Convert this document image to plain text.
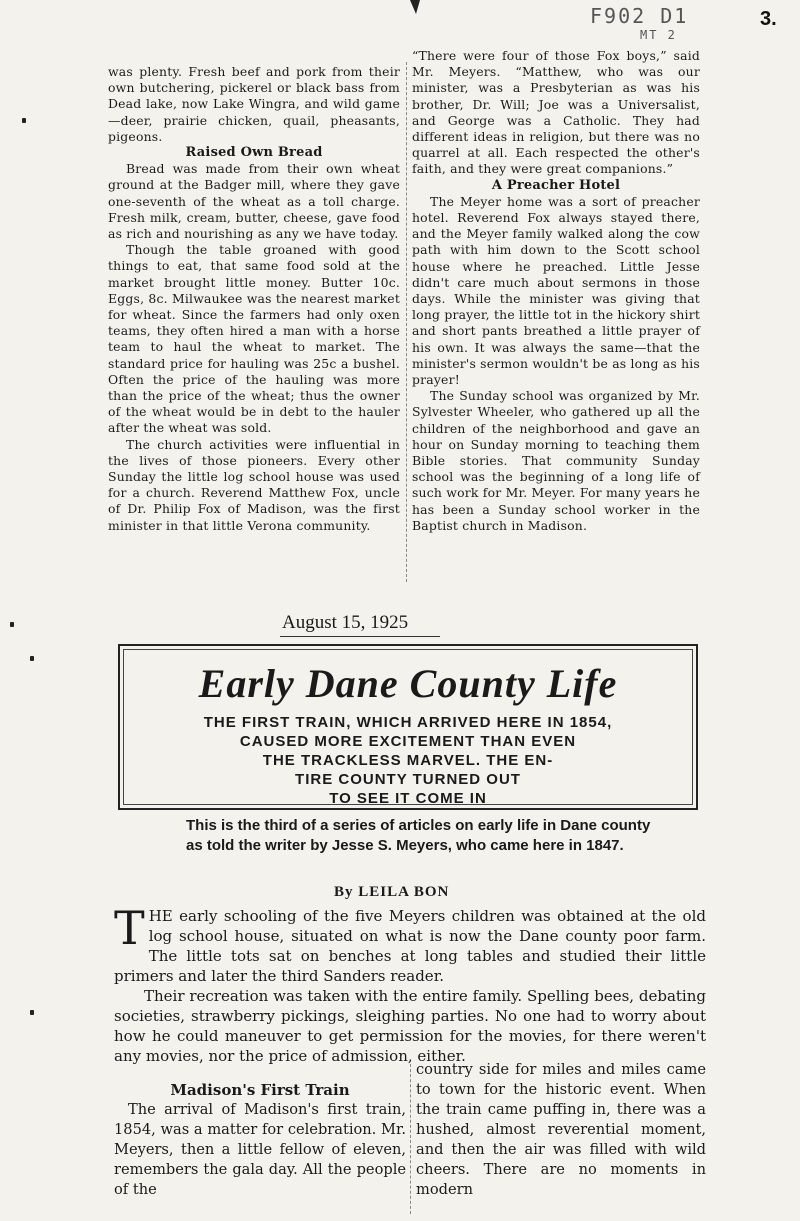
F902 D1
MT 2
3.

was plenty. Fresh beef and pork from their own butchering, pickerel or black bass from Dead lake, now Lake Wingra, and wild game—deer, prairie chicken, quail, pheasants, pigeons.

Raised Own Bread

Bread was made from their own wheat ground at the Badger mill, where they gave one-seventh of the wheat as a toll charge. Fresh milk, cream, butter, cheese, gave food as rich and nourishing as any we have today.

Though the table groaned with good things to eat, that same food sold at the market brought little money. Butter 10c. Eggs, 8c. Milwaukee was the nearest market for wheat. Since the farmers had only oxen teams, they often hired a man with a horse team to haul the wheat to market. The standard price for hauling was 25c a bushel. Often the price of the hauling was more than the price of the wheat; thus the owner of the wheat would be in debt to the hauler after the wheat was sold.

The church activities were influential in the lives of those pioneers. Every other Sunday the little log school house was used for a church. Reverend Matthew Fox, uncle of Dr. Philip Fox of Madison, was the first minister in that little Verona community.

“There were four of those Fox boys,” said Mr. Meyers. “Matthew, who was our minister, was a Presbyterian as was his brother, Dr. Will; Joe was a Universalist, and George was a Catholic. They had different ideas in religion, but there was no quarrel at all. Each respected the other's faith, and they were great companions.”

A Preacher Hotel

The Meyer home was a sort of preacher hotel. Reverend Fox always stayed there, and the Meyer family walked along the cow path with him down to the Scott school house where he preached. Little Jesse didn't care much about sermons in those days. While the minister was giving that long prayer, the little tot in the hickory shirt and short pants breathed a little prayer of his own. It was always the same—that the minister's sermon wouldn't be as long as his prayer!

The Sunday school was organized by Mr. Sylvester Wheeler, who gathered up all the children of the neighborhood and gave an hour on Sunday morning to teaching them Bible stories. That community Sunday school was the beginning of a long life of such work for Mr. Meyer. For many years he has been a Sunday school worker in the Baptist church in Madison.

August 15, 1925
Early Dane County Life
THE FIRST TRAIN, WHICH ARRIVED HERE IN 1854,
CAUSED MORE EXCITEMENT THAN EVEN
THE TRACKLESS MARVEL. THE EN-
TIRE COUNTY TURNED OUT
TO SEE IT COME IN
This is the third of a series of articles on early life in Dane county as told the writer by Jesse S. Meyers, who came here in 1847.
By LEILA BON

THE early schooling of the five Meyers children was obtained at the old log school house, situated on what is now the Dane county poor farm. The little tots sat on benches at long tables and studied their little primers and later the third Sanders reader.

Their recreation was taken with the entire family. Spelling bees, debating societies, strawberry pickings, sleighing parties. No one had to worry about how he could maneuver to get permission for the movies, for there weren't any movies, nor the price of admission, either.

Madison's First Train

The arrival of Madison's first train, 1854, was a matter for celebration. Mr. Meyers, then a little fellow of eleven, remembers the gala day. All the people of the

country side for miles and miles came to town for the historic event. When the train came puffing in, there was a hushed, almost reverential moment, and then the air was filled with wild cheers. There are no moments in modern
